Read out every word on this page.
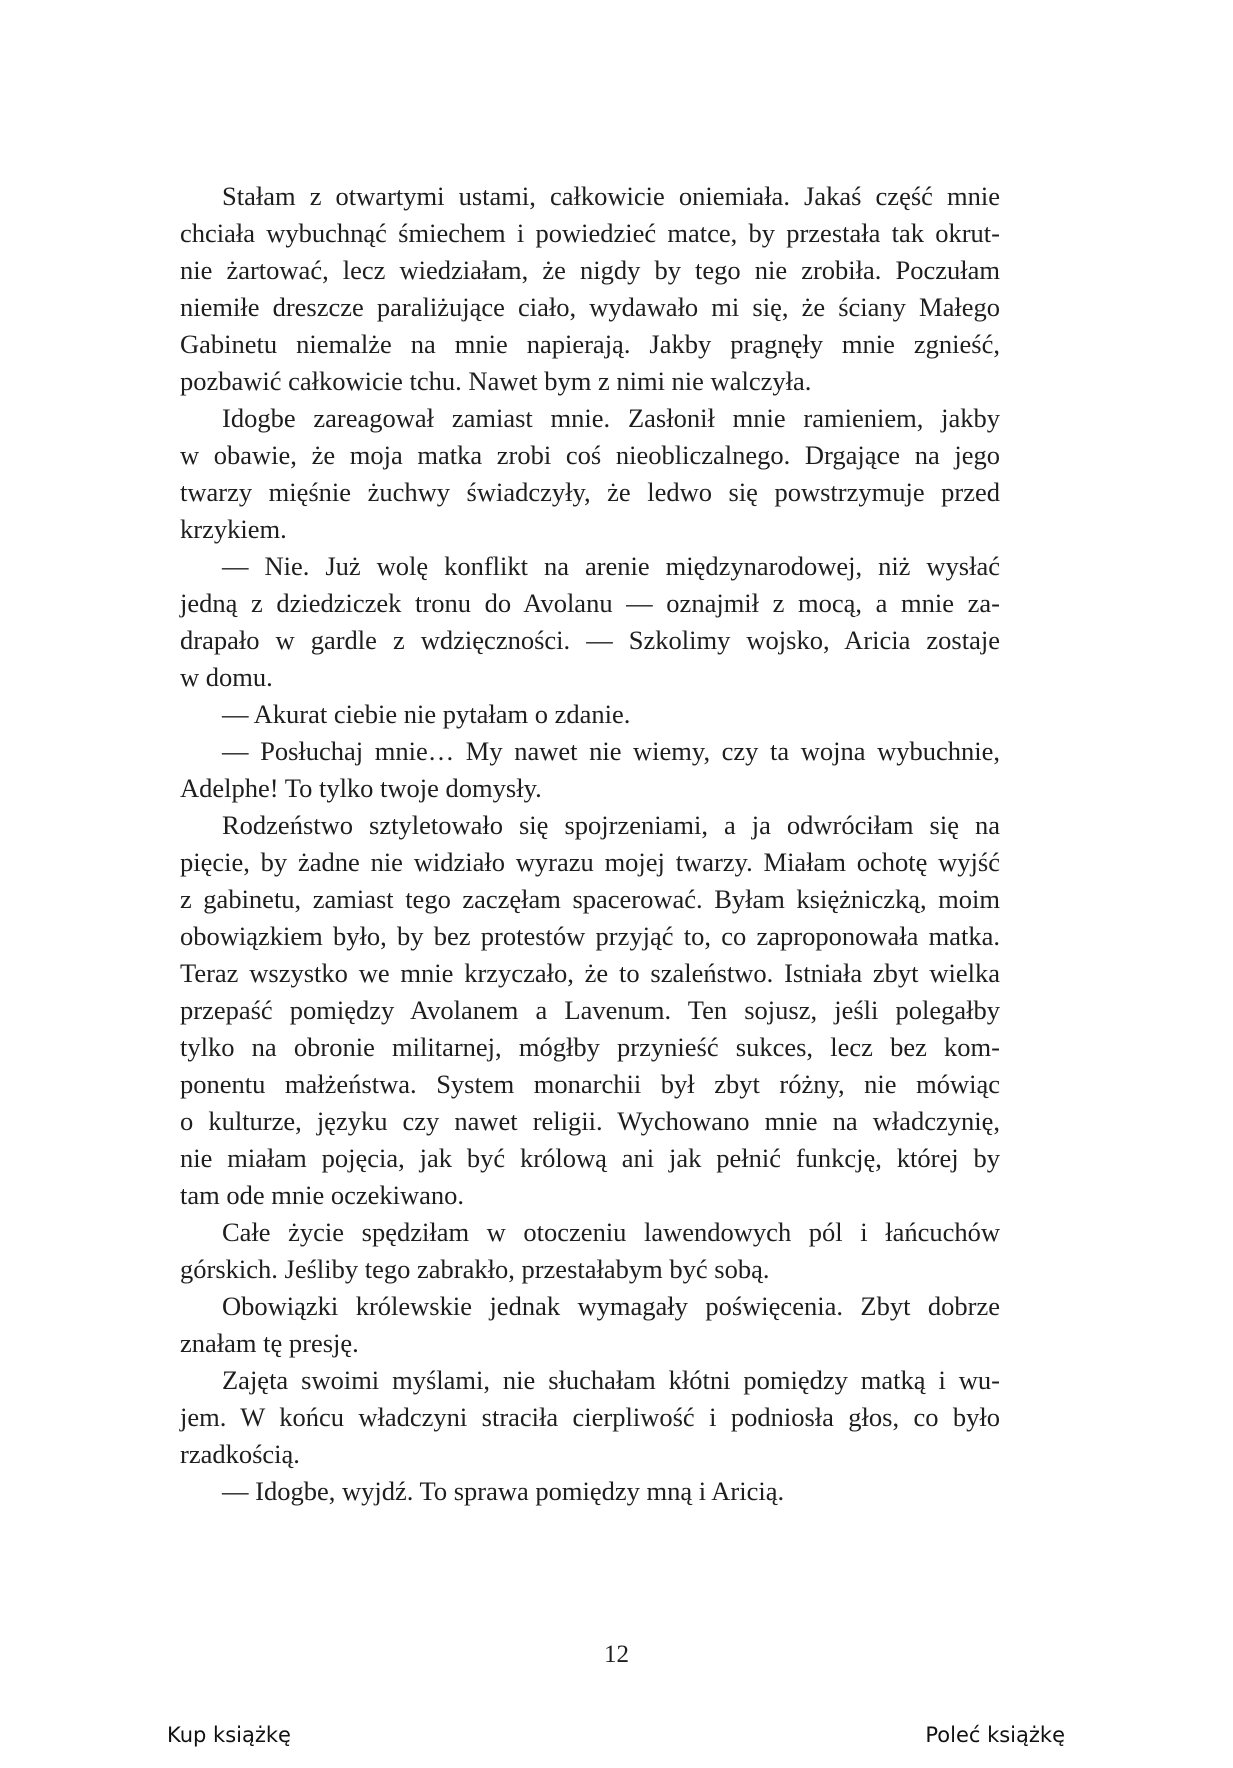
Stałam z otwartymi ustami, całkowicie oniemiała. Jakaś część mnie
chciała wybuchnąć śmiechem i powiedzieć matce, by przestała tak okrut-
nie żartować, lecz wiedziałam, że nigdy by tego nie zrobiła. Poczułam
niemiłe dreszcze paraliżujące ciało, wydawało mi się, że ściany Małego
Gabinetu niemalże na mnie napierają. Jakby pragnęły mnie zgnieść,
pozbawić całkowicie tchu. Nawet bym z nimi nie walczyła.
Idogbe zareagował zamiast mnie. Zasłonił mnie ramieniem, jakby
w obawie, że moja matka zrobi coś nieobliczalnego. Drgające na jego
twarzy mięśnie żuchwy świadczyły, że ledwo się powstrzymuje przed
krzykiem.
— Nie. Już wolę konflikt na arenie międzynarodowej, niż wysłać
jedną z dziedziczek tronu do Avolanu — oznajmił z mocą, a mnie za-
drapało w gardle z wdzięczności. — Szkolimy wojsko, Aricia zostaje
w domu.
— Akurat ciebie nie pytałam o zdanie.
— Posłuchaj mnie… My nawet nie wiemy, czy ta wojna wybuchnie,
Adelphe! To tylko twoje domysły.
Rodzeństwo sztyletowało się spojrzeniami, a ja odwróciłam się na
pięcie, by żadne nie widziało wyrazu mojej twarzy. Miałam ochotę wyjść
z gabinetu, zamiast tego zaczęłam spacerować. Byłam księżniczką, moim
obowiązkiem było, by bez protestów przyjąć to, co zaproponowała matka.
Teraz wszystko we mnie krzyczało, że to szaleństwo. Istniała zbyt wielka
przepaść pomiędzy Avolanem a Lavenum. Ten sojusz, jeśli polegałby
tylko na obronie militarnej, mógłby przynieść sukces, lecz bez kom-
ponentu małżeństwa. System monarchii był zbyt różny, nie mówiąc
o kulturze, języku czy nawet religii. Wychowano mnie na władczynię,
nie miałam pojęcia, jak być królową ani jak pełnić funkcję, której by
tam ode mnie oczekiwano.
Całe życie spędziłam w otoczeniu lawendowych pól i łańcuchów
górskich. Jeśliby tego zabrakło, przestałabym być sobą.
Obowiązki królewskie jednak wymagały poświęcenia. Zbyt dobrze
znałam tę presję.
Zajęta swoimi myślami, nie słuchałam kłótni pomiędzy matką i wu-
jem. W końcu władczyni straciła cierpliwość i podniosła głos, co było
rzadkością.
— Idogbe, wyjdź. To sprawa pomiędzy mną i Aricią.
12
Kup książkę	Poleć książkę
